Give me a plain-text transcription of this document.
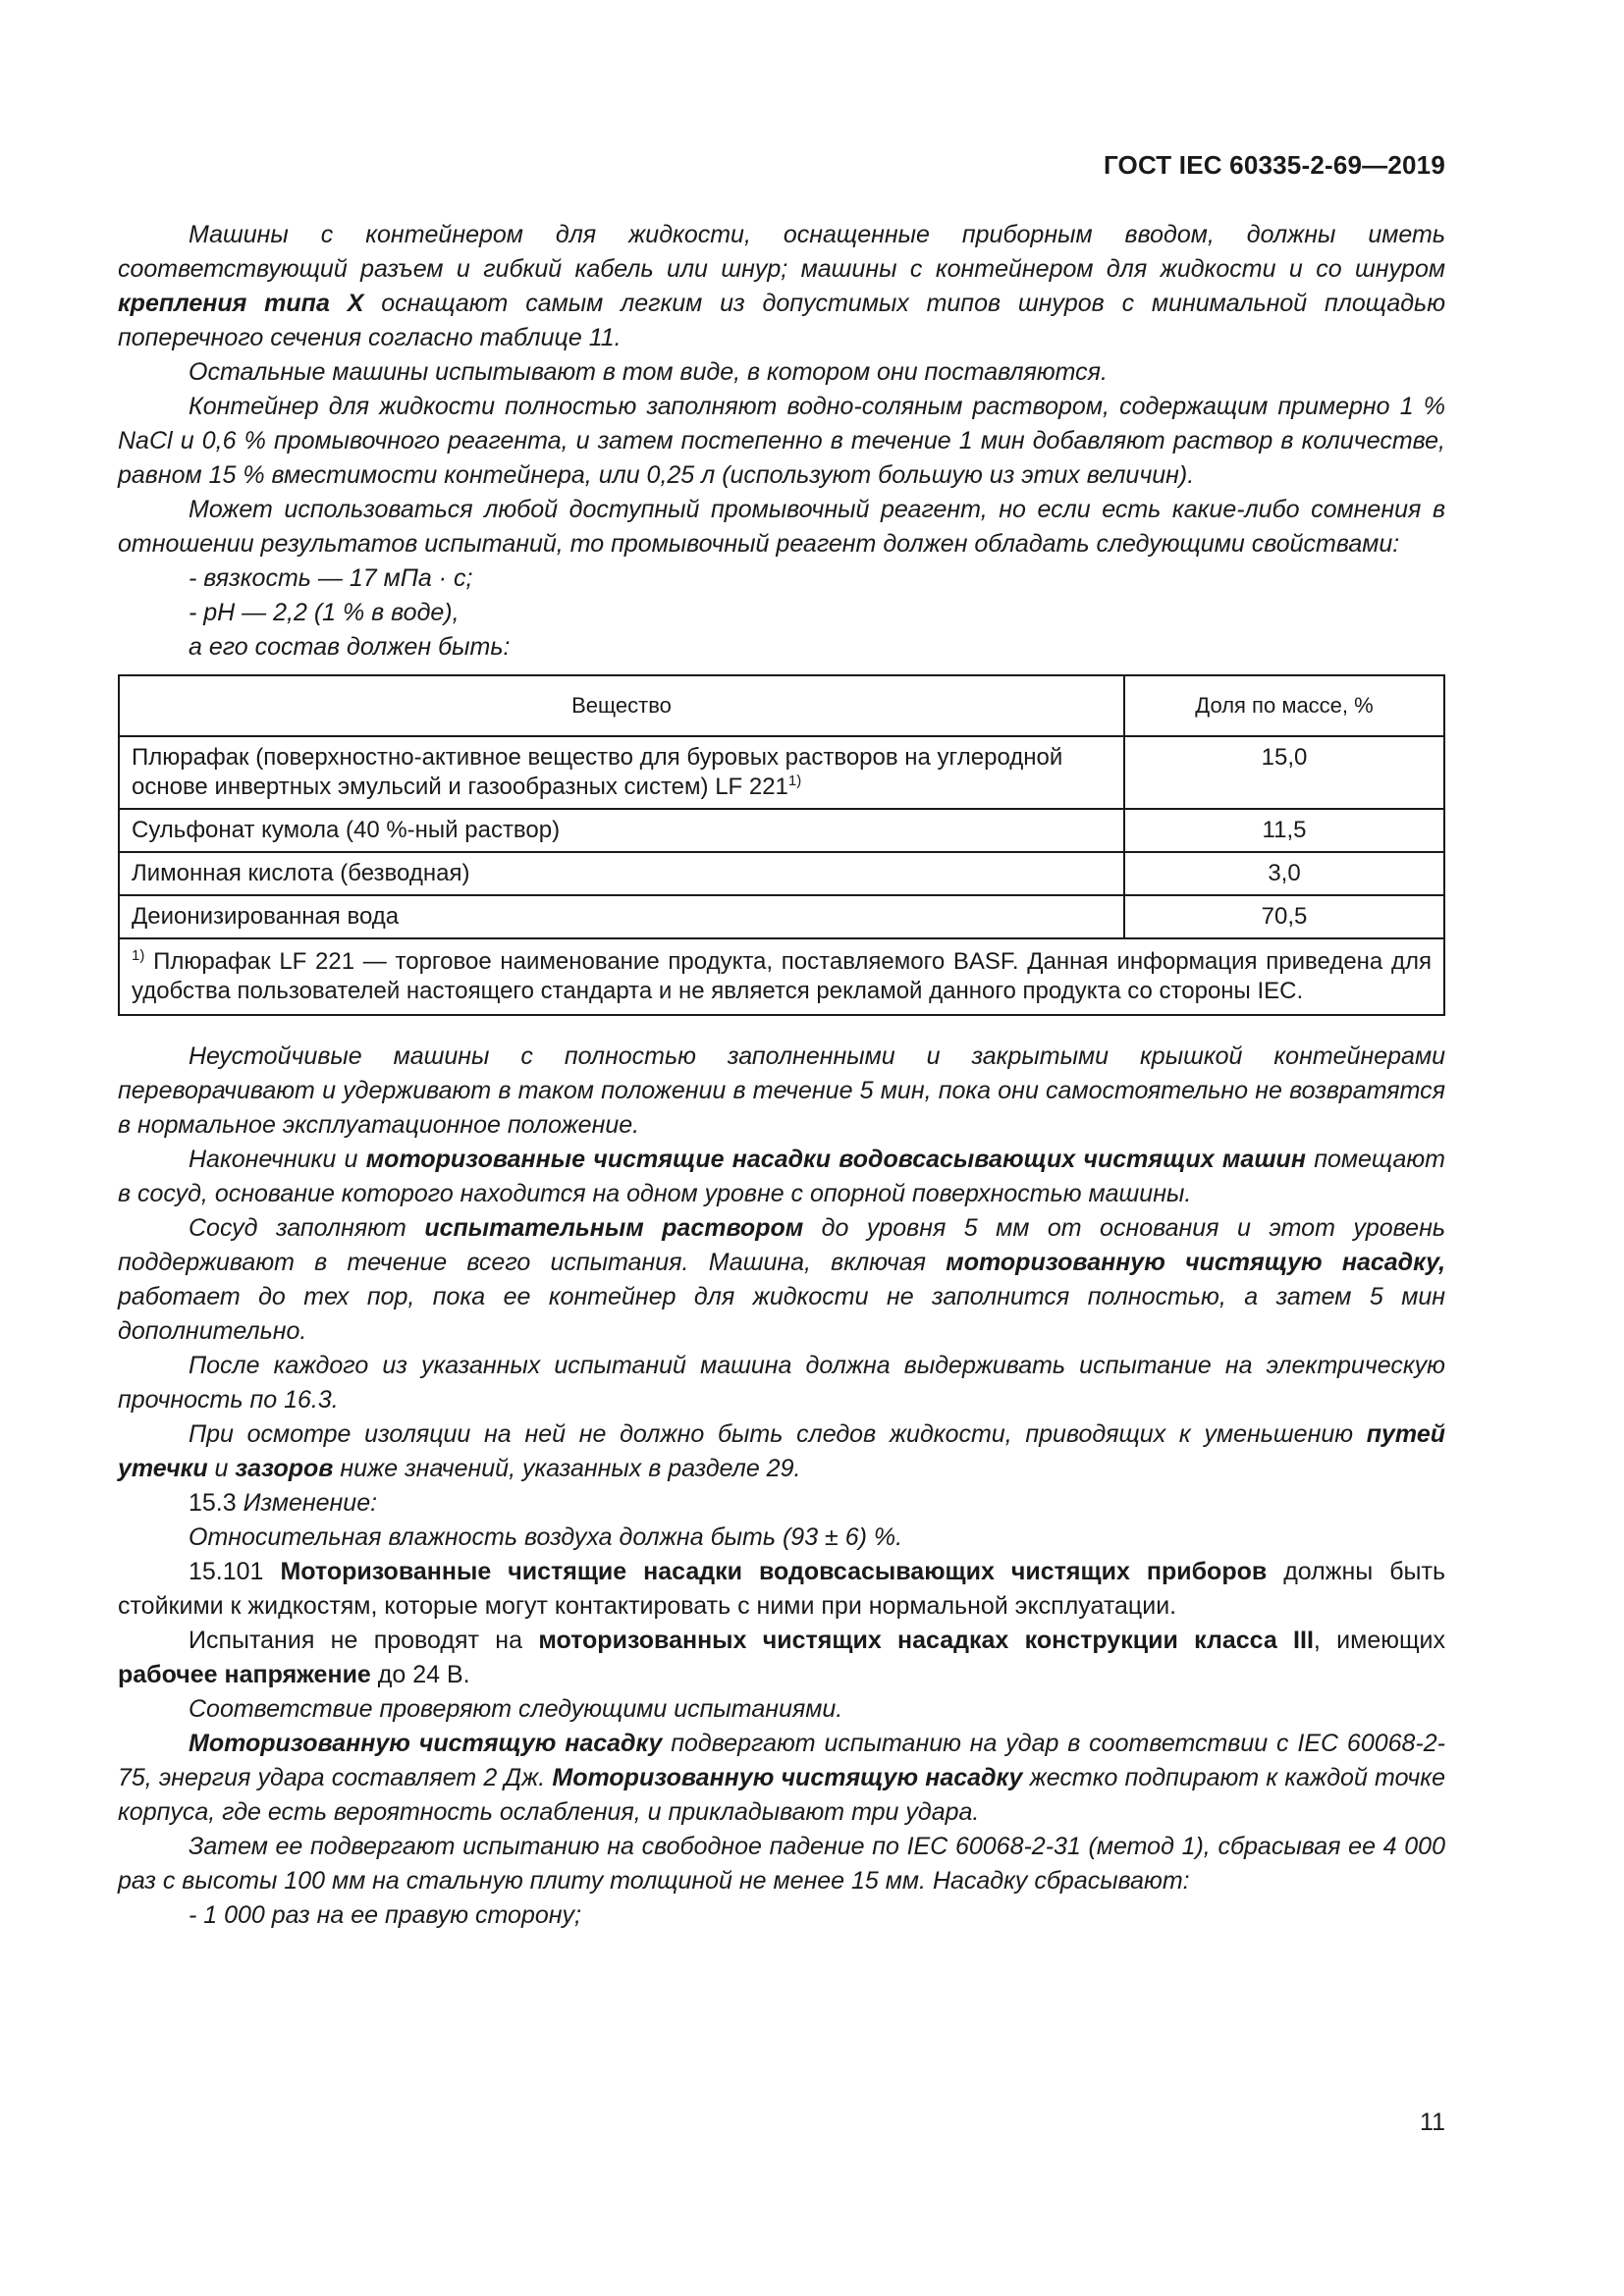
ГОСТ IEC 60335-2-69—2019

Машины с контейнером для жидкости, оснащенные приборным вводом, должны иметь соответствующий разъем и гибкий кабель или шнур; машины с контейнером для жидкости и со шнуром крепления типа X оснащают самым легким из допустимых типов шнуров с минимальной площадью поперечного сечения согласно таблице 11.

Остальные машины испытывают в том виде, в котором они поставляются.

Контейнер для жидкости полностью заполняют водно-соляным раствором, содержащим примерно 1 % NaCl и 0,6 % промывочного реагента, и затем постепенно в течение 1 мин добавляют раствор в количестве, равном 15 % вместимости контейнера, или 0,25 л (используют большую из этих величин).

Может использоваться любой доступный промывочный реагент, но если есть какие-либо сомнения в отношении результатов испытаний, то промывочный реагент должен обладать следующими свойствами:

- вязкость — 17 мПа · с;

- pH — 2,2 (1 % в воде),

а его состав должен быть:

Вещество	Доля по массе, %
Плюрафак (поверхностно-активное вещество для буровых растворов на углеродной основе инвертных эмульсий и газообразных систем) LF 221$^{1)}$	15,0
Сульфонат кумола (40 %-ный раствор)	11,5
Лимонная кислота (безводная)	3,0
Деионизированная вода	70,5
$^{1)}$ Плюрафак LF 221 — торговое наименование продукта, поставляемого BASF. Данная информация приведена для удобства пользователей настоящего стандарта и не является рекламой данного продукта со стороны IEC.	

Неустойчивые машины с полностью заполненными и закрытыми крышкой контейнерами переворачивают и удерживают в таком положении в течение 5 мин, пока они самостоятельно не возвратятся в нормальное эксплуатационное положение.

Наконечники и моторизованные чистящие насадки водовсасывающих чистящих машин помещают в сосуд, основание которого находится на одном уровне с опорной поверхностью машины.

Сосуд заполняют испытательным раствором до уровня 5 мм от основания и этот уровень поддерживают в течение всего испытания. Машина, включая моторизованную чистящую насадку, работает до тех пор, пока ее контейнер для жидкости не заполнится полностью, а затем 5 мин дополнительно.

После каждого из указанных испытаний машина должна выдерживать испытание на электрическую прочность по 16.3.

При осмотре изоляции на ней не должно быть следов жидкости, приводящих к уменьшению путей утечки и зазоров ниже значений, указанных в разделе 29.

15.3 Изменение:

Относительная влажность воздуха должна быть (93 ± 6) %.

15.101 Моторизованные чистящие насадки водовсасывающих чистящих приборов должны быть стойкими к жидкостям, которые могут контактировать с ними при нормальной эксплуатации.

Испытания не проводят на моторизованных чистящих насадках конструкции класса III, имеющих рабочее напряжение до 24 В.

Соответствие проверяют следующими испытаниями.

Моторизованную чистящую насадку подвергают испытанию на удар в соответствии с IEC 60068-2-75, энергия удара составляет 2 Дж. Моторизованную чистящую насадку жестко подпирают к каждой точке корпуса, где есть вероятность ослабления, и прикладывают три удара.

Затем ее подвергают испытанию на свободное падение по IEC 60068-2-31 (метод 1), сбрасывая ее 4 000 раз с высоты 100 мм на стальную плиту толщиной не менее 15 мм. Насадку сбрасывают:

- 1 000 раз на ее правую сторону;

11
